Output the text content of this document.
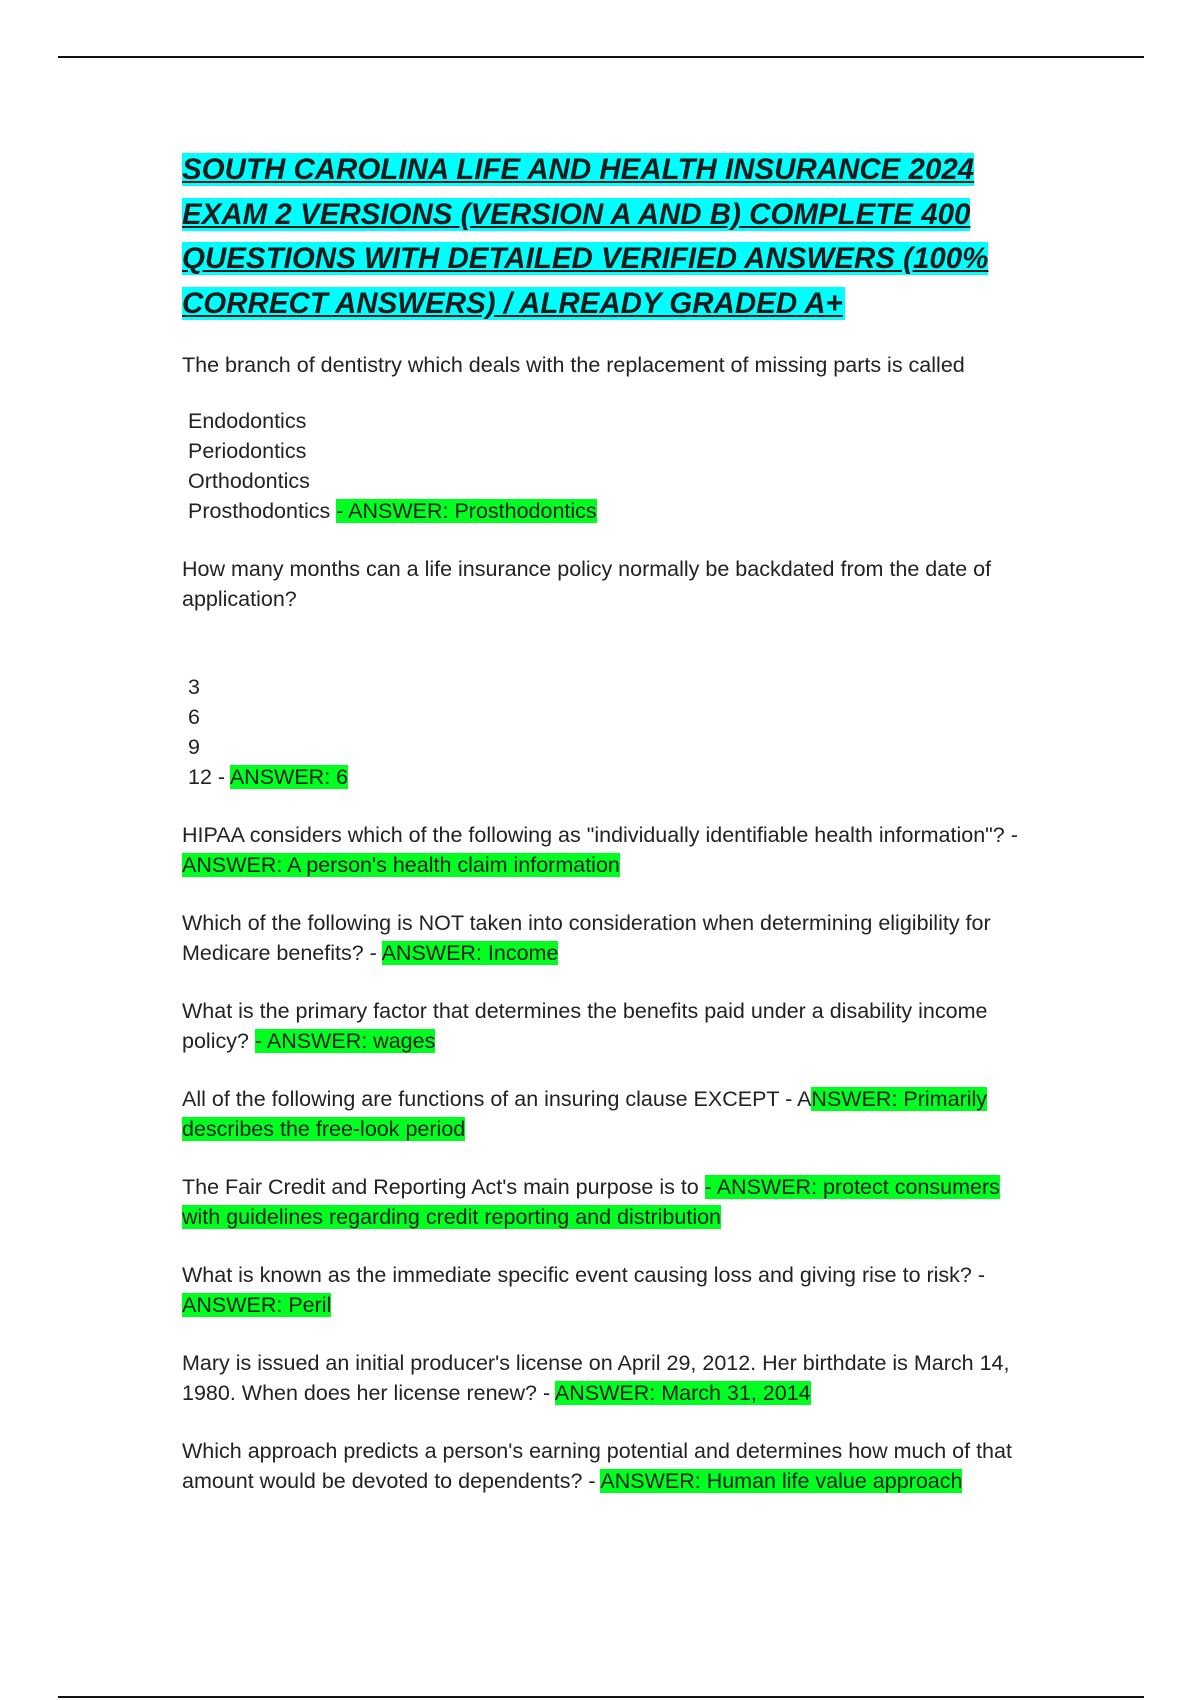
SOUTH CAROLINA LIFE AND HEALTH INSURANCE 2024 EXAM 2 VERSIONS (VERSION A AND B) COMPLETE 400 QUESTIONS WITH DETAILED VERIFIED ANSWERS (100% CORRECT ANSWERS) / ALREADY GRADED A+
The branch of dentistry which deals with the replacement of missing parts is called
Endodontics
Periodontics
Orthodontics
Prosthodontics - ANSWER: Prosthodontics
How many months can a life insurance policy normally be backdated from the date of application?
3
6
9
12 - ANSWER: 6
HIPAA considers which of the following as "individually identifiable health information"? - ANSWER: A person's health claim information
Which of the following is NOT taken into consideration when determining eligibility for Medicare benefits? - ANSWER: Income
What is the primary factor that determines the benefits paid under a disability income policy? - ANSWER: wages
All of the following are functions of an insuring clause EXCEPT - ANSWER: Primarily describes the free-look period
The Fair Credit and Reporting Act's main purpose is to - ANSWER: protect consumers with guidelines regarding credit reporting and distribution
What is known as the immediate specific event causing loss and giving rise to risk? - ANSWER: Peril
Mary is issued an initial producer's license on April 29, 2012. Her birthdate is March 14, 1980. When does her license renew? - ANSWER: March 31, 2014
Which approach predicts a person's earning potential and determines how much of that amount would be devoted to dependents? - ANSWER: Human life value approach
